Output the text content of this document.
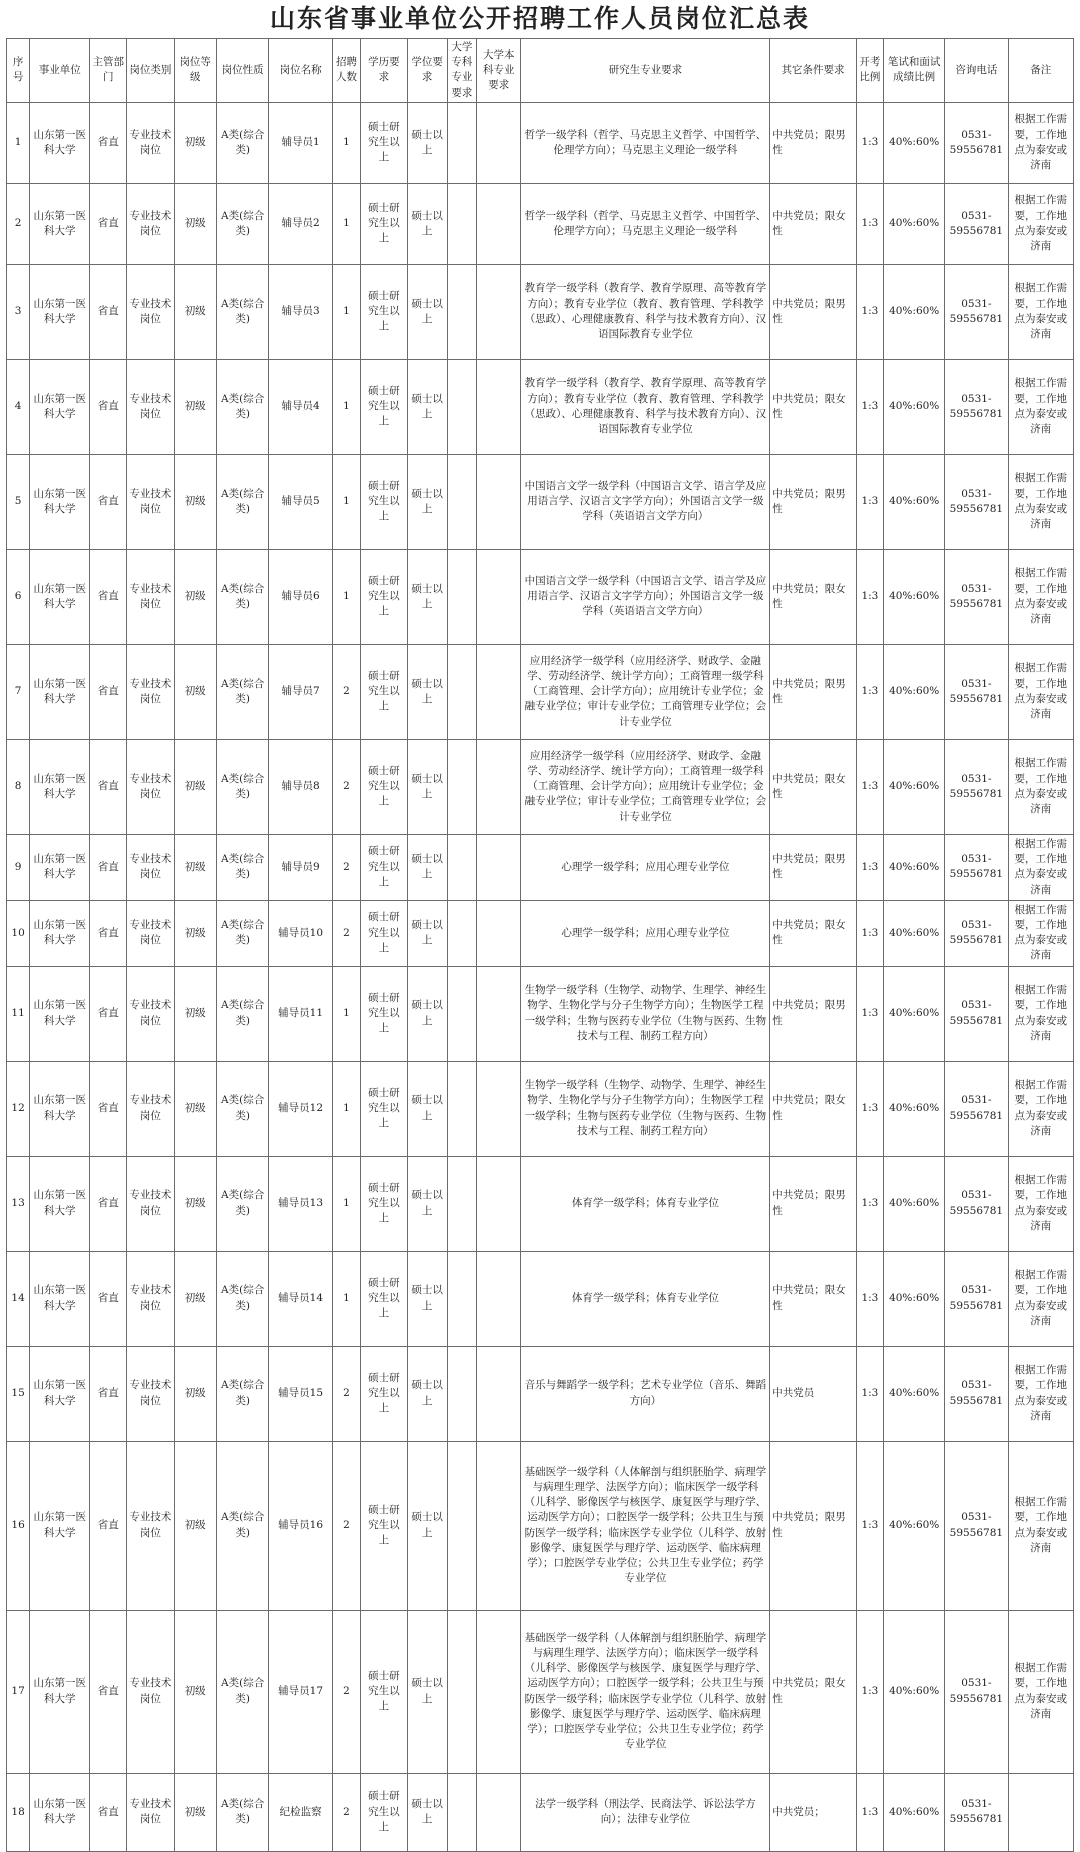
山东省事业单位公开招聘工作人员岗位汇总表
序号	事业单位	主管部门	岗位类别	岗位等级	岗位性质	岗位名称	招聘人数	学历要求	学位要求	大学专科专业要求	大学本科专业要求	研究生专业要求	其它条件要求	开考比例	笔试和面试成绩比例	咨询电话	备注
1	山东第一医科大学	省直	专业技术岗位	初级	A类(综合类)	辅导员1	1	硕士研究生以上	硕士以上			哲学一级学科（哲学、马克思主义哲学、中国哲学、伦理学方向）；马克思主义理论一级学科	中共党员；限男性	1:3	40%:60%	0531-59556781	根据工作需要，工作地点为泰安或济南
2	山东第一医科大学	省直	专业技术岗位	初级	A类(综合类)	辅导员2	1	硕士研究生以上	硕士以上			哲学一级学科（哲学、马克思主义哲学、中国哲学、伦理学方向）；马克思主义理论一级学科	中共党员；限女性	1:3	40%:60%	0531-59556781	根据工作需要，工作地点为泰安或济南
3	山东第一医科大学	省直	专业技术岗位	初级	A类(综合类)	辅导员3	1	硕士研究生以上	硕士以上			教育学一级学科（教育学、教育学原理、高等教育学方向）；教育专业学位（教育、教育管理、学科教学（思政）、心理健康教育、科学与技术教育方向）、汉语国际教育专业学位	中共党员；限男性	1:3	40%:60%	0531-59556781	根据工作需要，工作地点为泰安或济南
4	山东第一医科大学	省直	专业技术岗位	初级	A类(综合类)	辅导员4	1	硕士研究生以上	硕士以上			教育学一级学科（教育学、教育学原理、高等教育学方向）；教育专业学位（教育、教育管理、学科教学（思政）、心理健康教育、科学与技术教育方向）、汉语国际教育专业学位	中共党员；限女性	1:3	40%:60%	0531-59556781	根据工作需要，工作地点为泰安或济南
5	山东第一医科大学	省直	专业技术岗位	初级	A类(综合类)	辅导员5	1	硕士研究生以上	硕士以上			中国语言文学一级学科（中国语言文学、语言学及应用语言学、汉语言文字学方向）；外国语言文学一级学科（英语语言文学方向）	中共党员；限男性	1:3	40%:60%	0531-59556781	根据工作需要，工作地点为泰安或济南
6	山东第一医科大学	省直	专业技术岗位	初级	A类(综合类)	辅导员6	1	硕士研究生以上	硕士以上			中国语言文学一级学科（中国语言文学、语言学及应用语言学、汉语言文字学方向）；外国语言文学一级学科（英语语言文学方向）	中共党员；限女性	1:3	40%:60%	0531-59556781	根据工作需要，工作地点为泰安或济南
7	山东第一医科大学	省直	专业技术岗位	初级	A类(综合类)	辅导员7	2	硕士研究生以上	硕士以上			应用经济学一级学科（应用经济学、财政学、金融学、劳动经济学、统计学方向）；工商管理一级学科（工商管理、会计学方向）；应用统计专业学位；金融专业学位；审计专业学位；工商管理专业学位；会计专业学位	中共党员；限男性	1:3	40%:60%	0531-59556781	根据工作需要，工作地点为泰安或济南
8	山东第一医科大学	省直	专业技术岗位	初级	A类(综合类)	辅导员8	2	硕士研究生以上	硕士以上			应用经济学一级学科（应用经济学、财政学、金融学、劳动经济学、统计学方向）；工商管理一级学科（工商管理、会计学方向）；应用统计专业学位；金融专业学位；审计专业学位；工商管理专业学位；会计专业学位	中共党员；限女性	1:3	40%:60%	0531-59556781	根据工作需要，工作地点为泰安或济南
9	山东第一医科大学	省直	专业技术岗位	初级	A类(综合类)	辅导员9	2	硕士研究生以上	硕士以上			心理学一级学科；应用心理专业学位	中共党员；限男性	1:3	40%:60%	0531-59556781	根据工作需要，工作地点为泰安或济南
10	山东第一医科大学	省直	专业技术岗位	初级	A类(综合类)	辅导员10	2	硕士研究生以上	硕士以上			心理学一级学科；应用心理专业学位	中共党员；限女性	1:3	40%:60%	0531-59556781	根据工作需要，工作地点为泰安或济南
11	山东第一医科大学	省直	专业技术岗位	初级	A类(综合类)	辅导员11	1	硕士研究生以上	硕士以上			生物学一级学科（生物学、动物学、生理学、神经生物学、生物化学与分子生物学方向）；生物医学工程一级学科；生物与医药专业学位（生物与医药、生物技术与工程、制药工程方向）	中共党员；限男性	1:3	40%:60%	0531-59556781	根据工作需要，工作地点为泰安或济南
12	山东第一医科大学	省直	专业技术岗位	初级	A类(综合类)	辅导员12	1	硕士研究生以上	硕士以上			生物学一级学科（生物学、动物学、生理学、神经生物学、生物化学与分子生物学方向）；生物医学工程一级学科；生物与医药专业学位（生物与医药、生物技术与工程、制药工程方向）	中共党员；限女性	1:3	40%:60%	0531-59556781	根据工作需要，工作地点为泰安或济南
13	山东第一医科大学	省直	专业技术岗位	初级	A类(综合类)	辅导员13	1	硕士研究生以上	硕士以上			体育学一级学科；体育专业学位	中共党员；限男性	1:3	40%:60%	0531-59556781	根据工作需要，工作地点为泰安或济南
14	山东第一医科大学	省直	专业技术岗位	初级	A类(综合类)	辅导员14	1	硕士研究生以上	硕士以上			体育学一级学科；体育专业学位	中共党员；限女性	1:3	40%:60%	0531-59556781	根据工作需要，工作地点为泰安或济南
15	山东第一医科大学	省直	专业技术岗位	初级	A类(综合类)	辅导员15	2	硕士研究生以上	硕士以上			音乐与舞蹈学一级学科；艺术专业学位（音乐、舞蹈方向）	中共党员	1:3	40%:60%	0531-59556781	根据工作需要，工作地点为泰安或济南
16	山东第一医科大学	省直	专业技术岗位	初级	A类(综合类)	辅导员16	2	硕士研究生以上	硕士以上			基础医学一级学科（人体解剖与组织胚胎学、病理学与病理生理学、法医学方向）；临床医学一级学科（儿科学、影像医学与核医学、康复医学与理疗学、运动医学方向）；口腔医学一级学科；公共卫生与预防医学一级学科；临床医学专业学位（儿科学、放射影像学、康复医学与理疗学、运动医学、临床病理学）；口腔医学专业学位；公共卫生专业学位；药学专业学位	中共党员；限男性	1:3	40%:60%	0531-59556781	根据工作需要，工作地点为泰安或济南
17	山东第一医科大学	省直	专业技术岗位	初级	A类(综合类)	辅导员17	2	硕士研究生以上	硕士以上			基础医学一级学科（人体解剖与组织胚胎学、病理学与病理生理学、法医学方向）；临床医学一级学科（儿科学、影像医学与核医学、康复医学与理疗学、运动医学方向）；口腔医学一级学科；公共卫生与预防医学一级学科；临床医学专业学位（儿科学、放射影像学、康复医学与理疗学、运动医学、临床病理学）；口腔医学专业学位；公共卫生专业学位；药学专业学位	中共党员；限女性	1:3	40%:60%	0531-59556781	根据工作需要，工作地点为泰安或济南
18	山东第一医科大学	省直	专业技术岗位	初级	A类(综合类)	纪检监察	2	硕士研究生以上	硕士以上			法学一级学科（刑法学、民商法学、诉讼法学方向）；法律专业学位	中共党员；	1:3	40%:60%	0531-59556781	
